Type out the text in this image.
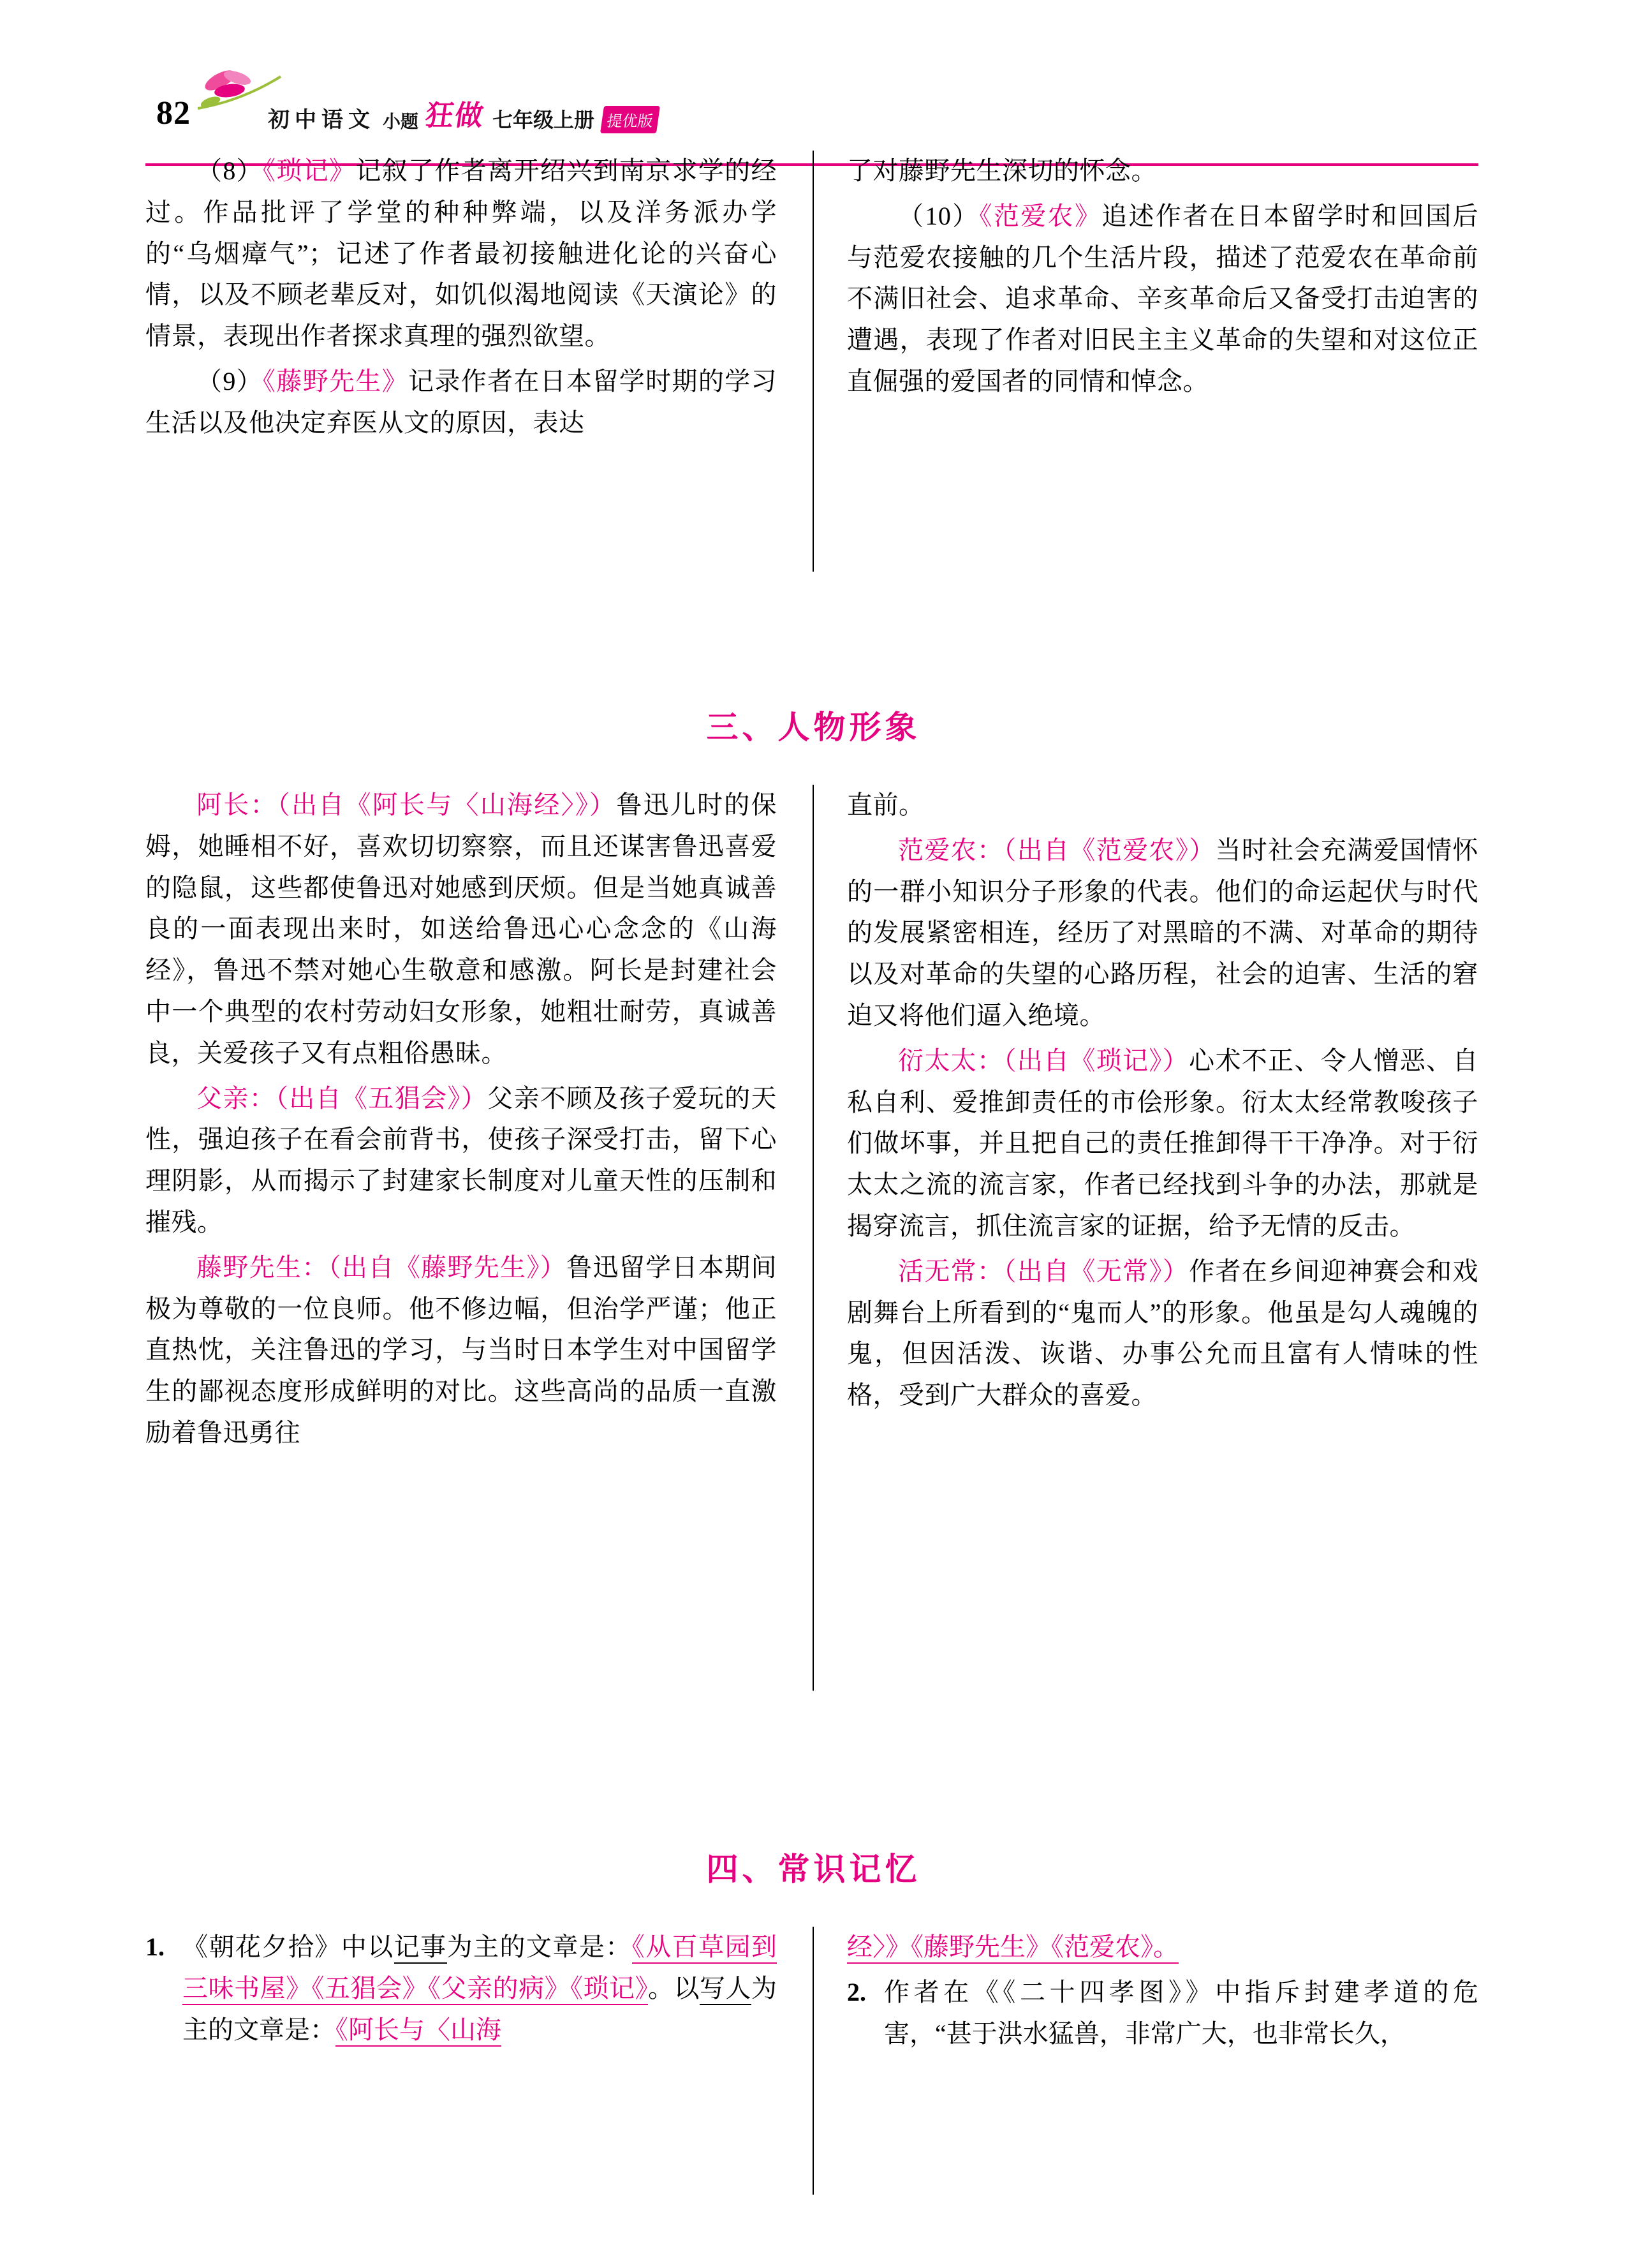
82	初中语文 小题 狂做 七年级上册 提优版

（8）《琐记》记叙了作者离开绍兴到南京求学的经过。作品批评了学堂的种种弊端，以及洋务派办学的“乌烟瘴气”；记述了作者最初接触进化论的兴奋心情，以及不顾老辈反对，如饥似渴地阅读《天演论》的情景，表现出作者探求真理的强烈欲望。

（9）《藤野先生》记录作者在日本留学时期的学习生活以及他决定弃医从文的原因，表达

了对藤野先生深切的怀念。

（10）《范爱农》追述作者在日本留学时和回国后与范爱农接触的几个生活片段，描述了范爱农在革命前不满旧社会、追求革命、辛亥革命后又备受打击迫害的遭遇，表现了作者对旧民主主义革命的失望和对这位正直倔强的爱国者的同情和悼念。

三、人物形象

阿长：（出自《阿长与〈山海经〉》）鲁迅儿时的保姆，她睡相不好，喜欢切切察察，而且还谋害鲁迅喜爱的隐鼠，这些都使鲁迅对她感到厌烦。但是当她真诚善良的一面表现出来时，如送给鲁迅心心念念的《山海经》，鲁迅不禁对她心生敬意和感激。阿长是封建社会中一个典型的农村劳动妇女形象，她粗壮耐劳，真诚善良，关爱孩子又有点粗俗愚昧。

父亲：（出自《五猖会》）父亲不顾及孩子爱玩的天性，强迫孩子在看会前背书，使孩子深受打击，留下心理阴影，从而揭示了封建家长制度对儿童天性的压制和摧残。

藤野先生：（出自《藤野先生》）鲁迅留学日本期间极为尊敬的一位良师。他不修边幅，但治学严谨；他正直热忱，关注鲁迅的学习，与当时日本学生对中国留学生的鄙视态度形成鲜明的对比。这些高尚的品质一直激励着鲁迅勇往

直前。

范爱农：（出自《范爱农》）当时社会充满爱国情怀的一群小知识分子形象的代表。他们的命运起伏与时代的发展紧密相连，经历了对黑暗的不满、对革命的期待以及对革命的失望的心路历程，社会的迫害、生活的窘迫又将他们逼入绝境。

衍太太：（出自《琐记》）心术不正、令人憎恶、自私自利、爱推卸责任的市侩形象。衍太太经常教唆孩子们做坏事，并且把自己的责任推卸得干干净净。对于衍太太之流的流言家，作者已经找到斗争的办法，那就是揭穿流言，抓住流言家的证据，给予无情的反击。

活无常：（出自《无常》）作者在乡间迎神赛会和戏剧舞台上所看到的“鬼而人”的形象。他虽是勾人魂魄的鬼，但因活泼、诙谐、办事公允而且富有人情味的性格，受到广大群众的喜爱。

四、常识记忆
1. 《朝花夕拾》中以记事为主的文章是：《从百草园到三味书屋》《五猖会》《父亲的病》《琐记》。以写人为主的文章是：《阿长与〈山海

经〉》《藤野先生》《范爱农》。

2. 作者在《《二十四孝图》》中指斥封建孝道的危害，“甚于洪水猛兽，非常广大，也非常长久，
